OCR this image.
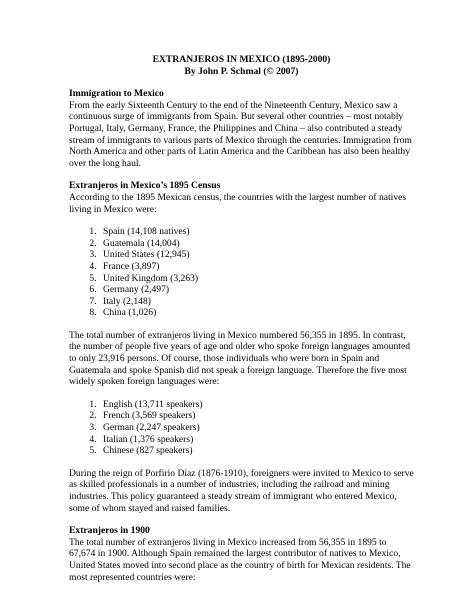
EXTRANJEROS IN MEXICO (1895-2000)
By John P. Schmal (© 2007)
Immigration to Mexico

From the early Sixteenth Century to the end of the Nineteenth Century, Mexico saw a continuous surge of immigrants from Spain. But several other countries – most notably Portugal, Italy, Germany, France, the Philippines and China – also contributed a steady stream of immigrants to various parts of Mexico through the centuries. Immigration from North America and other parts of Latin America and the Caribbean has also been healthy over the long haul.

Extranjeros in Mexico’s 1895 Census

According to the 1895 Mexican census, the countries with the largest number of natives living in Mexico were:

1. Spain (14,108 natives)
2. Guatemala (14,004)
3. United States (12,945)
4. France (3,897)
5. United Kingdom (3,263)
6. Germany (2,497)
7. Italy (2,148)
8. China (1,026)

The total number of extranjeros living in Mexico numbered 56,355 in 1895. In contrast, the number of people five years of age and older who spoke foreign languages amounted to only 23,916 persons. Of course, those individuals who were born in Spain and Guatemala and spoke Spanish did not speak a foreign language. Therefore the five most widely spoken foreign languages were:

1. English (13,711 speakers)
2. French (3,569 speakers)
3. German (2,247 speakers)
4. Italian (1,376 speakers)
5. Chinese (827 speakers)

During the reign of Porfirio Díaz (1876-1910), foreigners were invited to Mexico to serve as skilled professionals in a number of industries, including the railroad and mining industries. This policy guaranteed a steady stream of immigrant who entered Mexico, some of whom stayed and raised families.

Extranjeros in 1900

The total number of extranjeros living in Mexico increased from 56,355 in 1895 to 67,674 in 1900. Although Spain remained the largest contributor of natives to Mexico, United States moved into second place as the country of birth for Mexican residents. The most represented countries were:
